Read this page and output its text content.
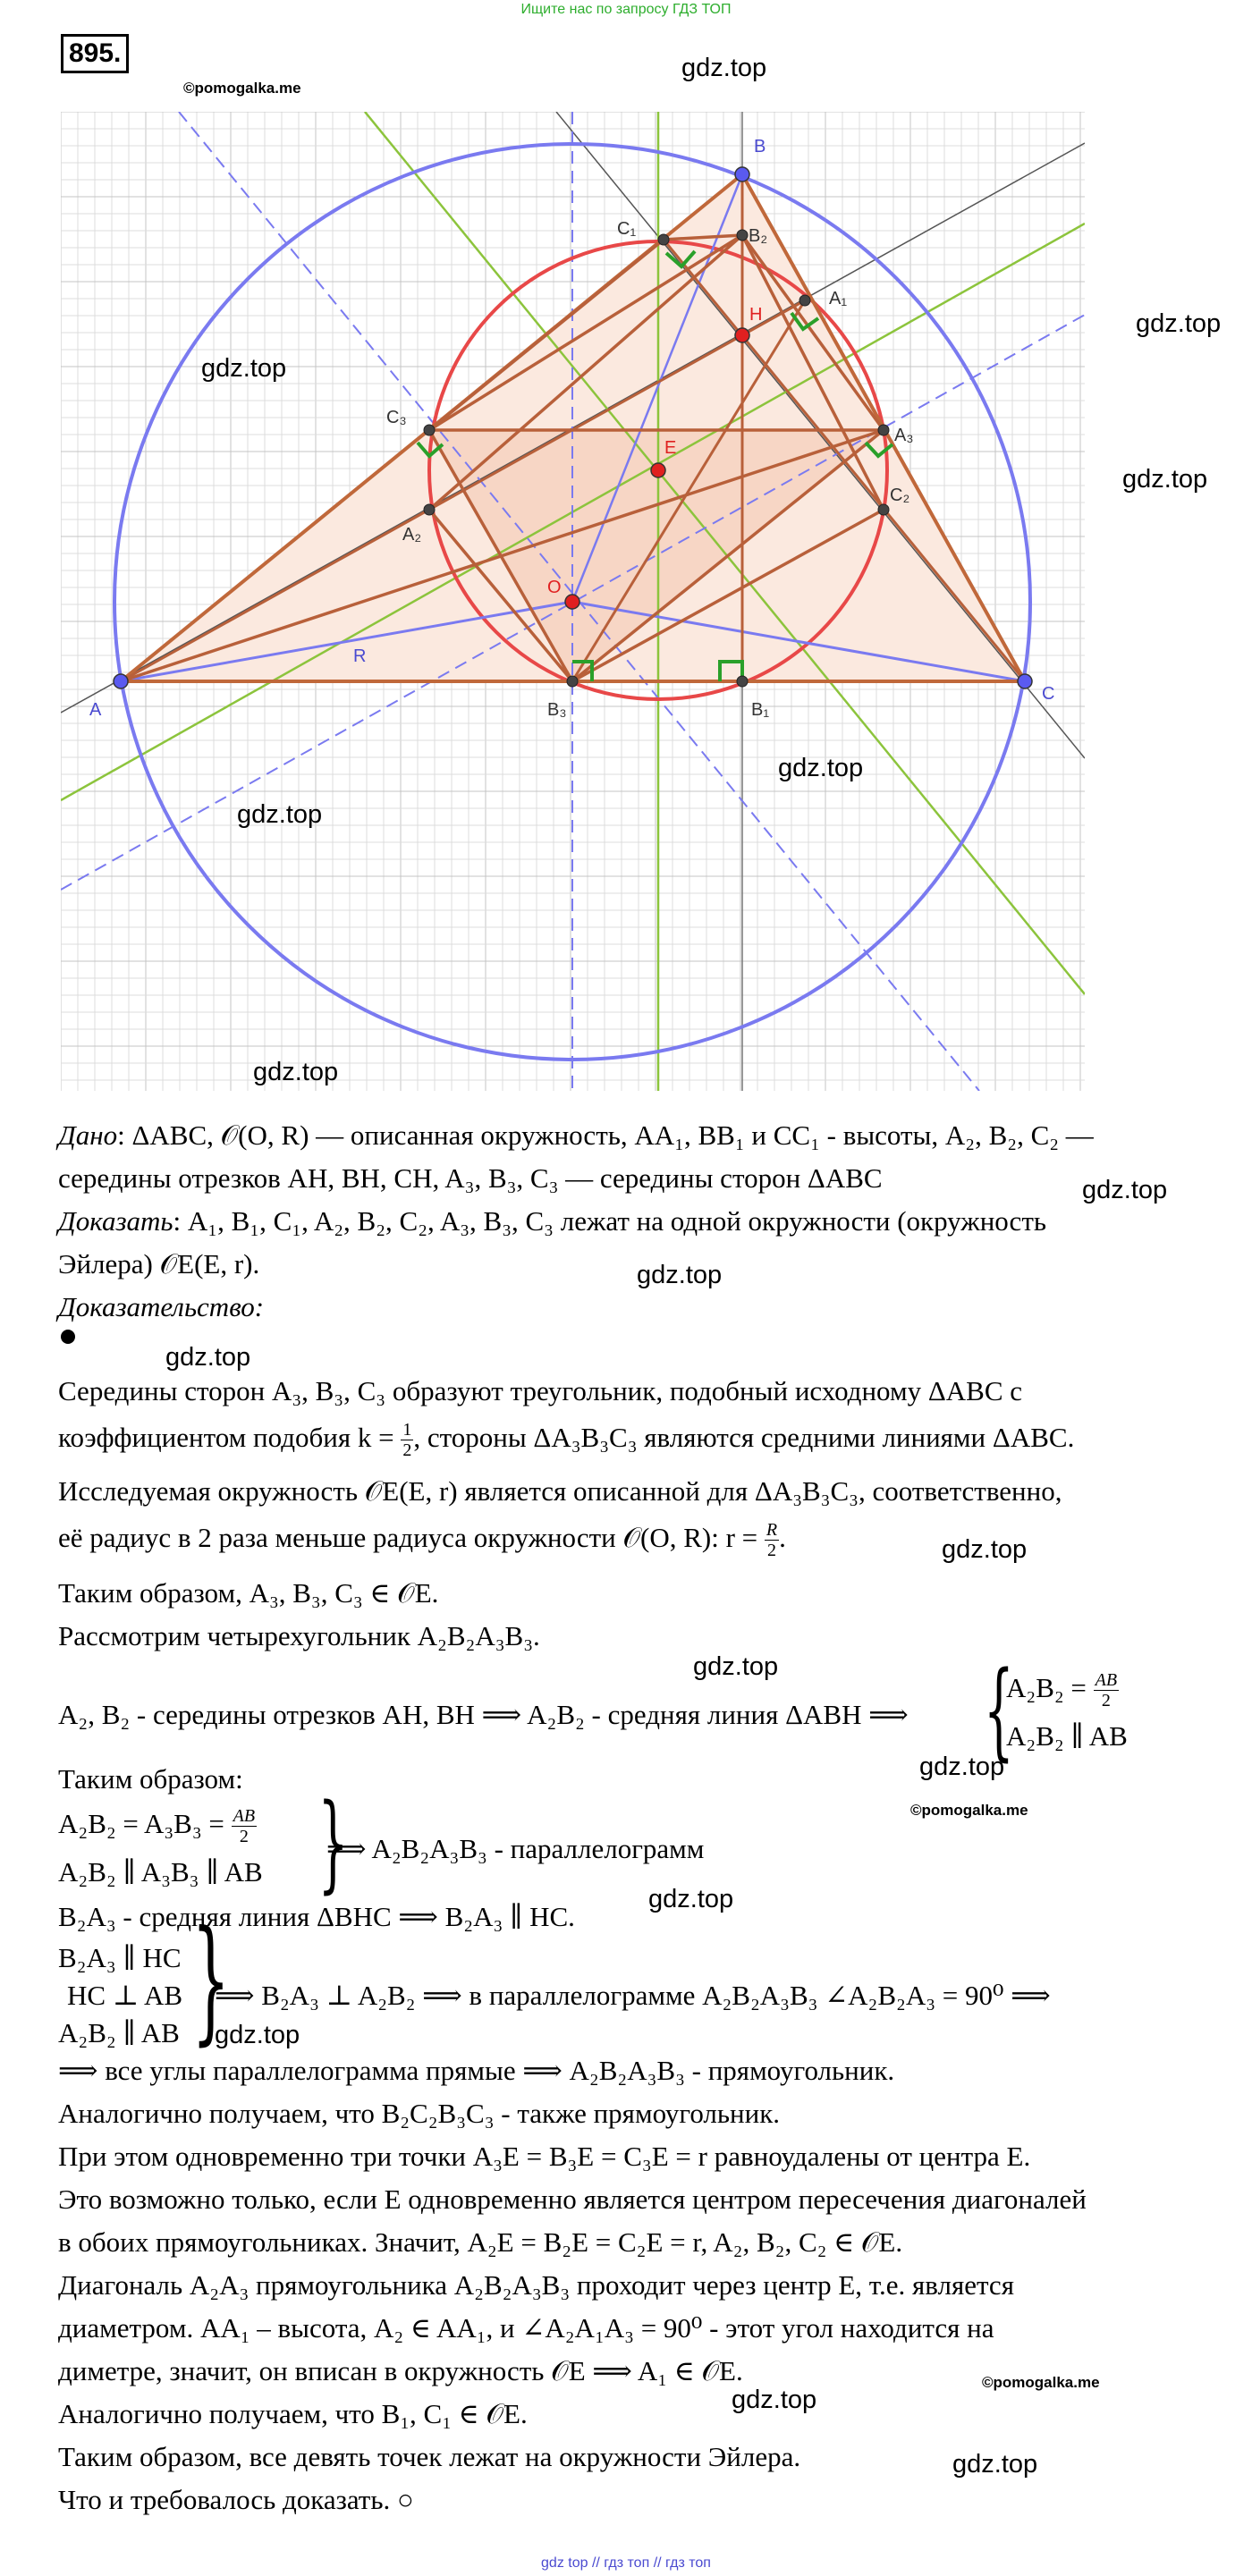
Ищите нас по запросу ГДЗ ТОП
895.
©pomogalka.me
gdz.top
A
B
C
H
E
O
R
C₁	B₂
A₁
C₃
A₃
A₂
C₂
B₃	B₁
gdz.top
gdz.top
gdz.top
gdz.top
gdz.top
gdz.top
Дано: ΔABC, 𝒪(O, R) — описанная окружность, AA₁, BB₁ и CC₁ - высоты, A₂, B₂, C₂ —
середины отрезков AH, BH, CH, A₃, B₃, C₃ — середины сторон ΔABC	gdz.top
Доказать: A₁, B₁, C₁, A₂, B₂, C₂, A₃, B₃, C₃ лежат на одной окружности (окружность
Эйлера) 𝒪E(E, r).	gdz.top
Доказательство:
gdz.top
Середины сторон A₃, B₃, C₃ образуют треугольник, подобный исходному ΔABC с
коэффициентом подобия $k = \frac{1}{2}$ , стороны ΔA₃B₃C₃ являются средними линиями ΔABC.
Исследуемая окружность 𝒪E(E, r) является описанной для ΔA₃B₃C₃, соответственно,
её радиус в 2 раза меньше радиуса окружности 𝒪(O, R): $r = \frac{R}{2}$ .	gdz.top
Таким образом, A₃, B₃, C₃ ∈ 𝒪E.
Рассмотрим четырехугольник A₂B₂A₃B₃.
gdz.top
A₂, B₂ - середины отрезков AH, BH ⟹ A₂B₂ - средняя линия ΔABH ⟹ {
$A_2B_2 = \frac{AB}{2}$
A₂B₂ ∥ AB
gdz.top
Таким образом:
©pomogalka.me
$A_2B_2 = A_3B_3 = \frac{AB}{2}$
A₂B₂ ∥ A₃B₃ ∥ AB {
⟹ A₂B₂A₃B₃ - параллелограмм
B₂A₃ - средняя линия ΔBHC ⟹ B₂A₃ ∥ HC.
gdz.top
B₂A₃ ∥ HC
HC ⊥ AB
A₂B₂ ∥ AB {
⟹ B₂A₃ ⊥ A₂B₂ ⟹ в параллелограмме A₂B₂A₃B₃ ∠A₂B₂A₃ = 90⁰ ⟹
gdz.top
⟹ все углы параллелограмма прямые ⟹ A₂B₂A₃B₃ - прямоугольник.
Аналогично получаем, что B₂C₂B₃C₃ - также прямоугольник.
При этом одновременно три точки A₃E = B₃E = C₃E = r равноудалены от центра E.
Это возможно только, если E одновременно является центром пересечения диагоналей
в обоих прямоугольниках. Значит, A₂E = B₂E = C₂E = r, A₂, B₂, C₂ ∈ 𝒪E.
Диагональ A₂A₃ прямоугольника A₂B₂A₃B₃ проходит через центр E, т.е. является
диаметром. AA₁ – высота, A₂ ∈ AA₁, и ∠A₂A₁A₃ = 90⁰ - этот угол находится на
диметре, значит, он вписан в окружность 𝒪E ⟹ A₁ ∈ 𝒪E.	©pomogalka.me
Аналогично получаем, что B₁, C₁ ∈ 𝒪E.	gdz.top
Таким образом, все девять точек лежат на окружности Эйлера.	gdz.top
Что и требовалось доказать. ○
gdz top // гдз топ // гдз топ
